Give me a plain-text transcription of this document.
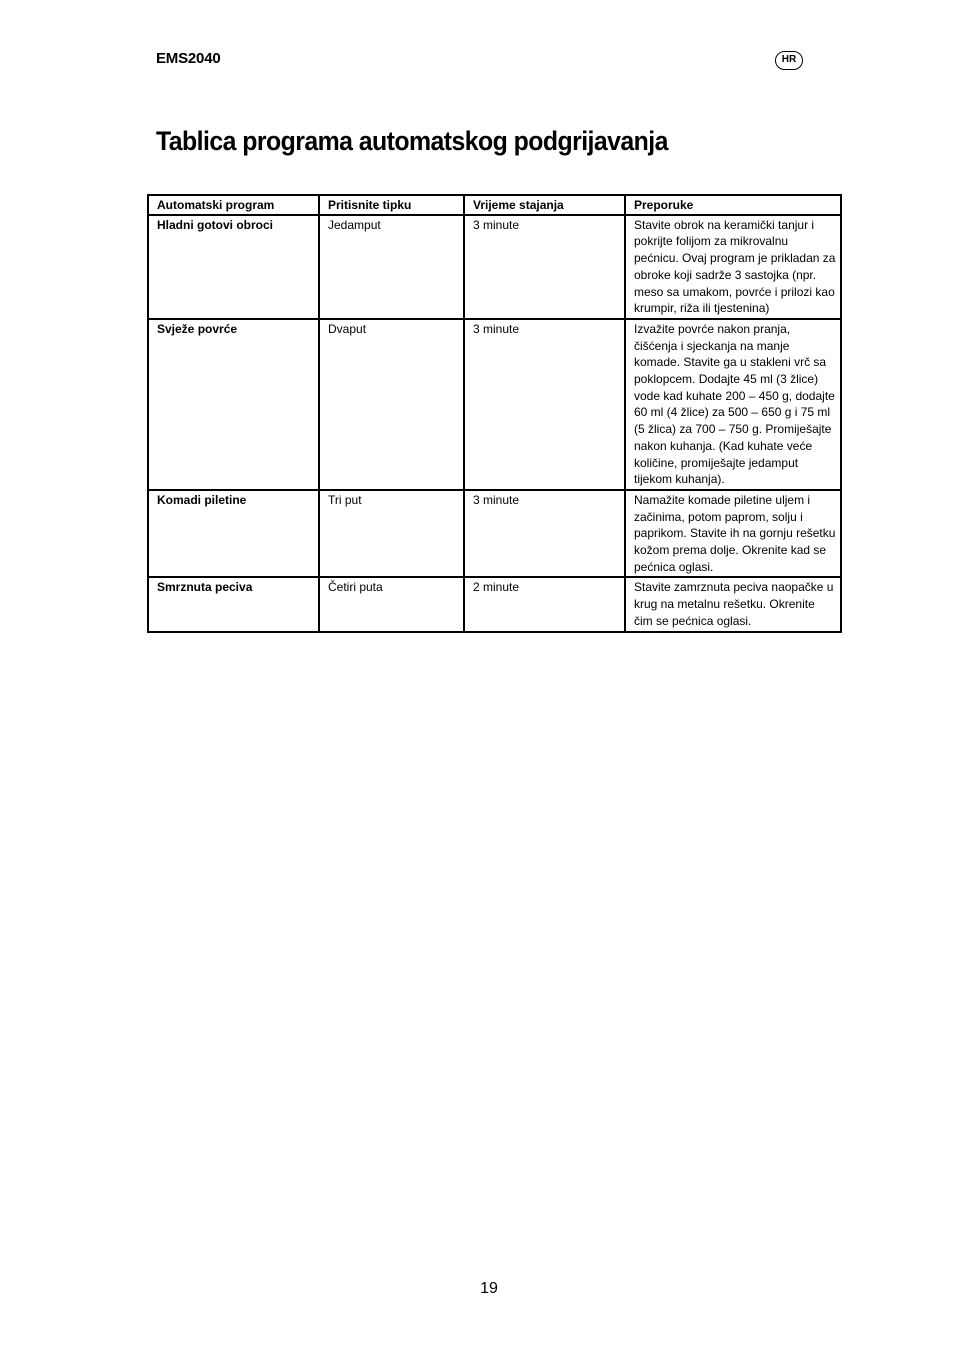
EMS2040	HR
Tablica programa automatskog podgrijavanja
Automatski program	Pritisnite tipku	Vrijeme stajanja	Preporuke
Hladni gotovi obroci	Jedamput	3 minute	Stavite obrok na keramički tanjur i pokrijte folijom za mikrovalnu pećnicu. Ovaj program je prikladan za obroke koji sadrže 3 sastojka (npr. meso sa umakom, povrće i prilozi kao krumpir, riža ili tjestenina)
Svježe povrće	Dvaput	3 minute	Izvažite povrće nakon pranja, čišćenja i sjeckanja na manje komade. Stavite ga u stakleni vrč sa poklopcem. Dodajte 45 ml (3 žlice) vode kad kuhate 200 – 450 g, dodajte 60 ml (4 žlice) za 500 – 650 g i 75 ml (5 žlica) za 700 – 750 g. Promiješajte nakon kuhanja. (Kad kuhate veće količine, promiješajte jedamput tijekom kuhanja).
Komadi piletine	Tri put	3 minute	Namažite komade piletine uljem i začinima, potom paprom, solju i paprikom. Stavite ih na gornju rešetku kožom prema dolje. Okrenite kad se pećnica oglasi.
Smrznuta peciva	Četiri puta	2 minute	Stavite zamrznuta peciva naopačke u krug na metalnu rešetku. Okrenite čim se pećnica oglasi.
19
